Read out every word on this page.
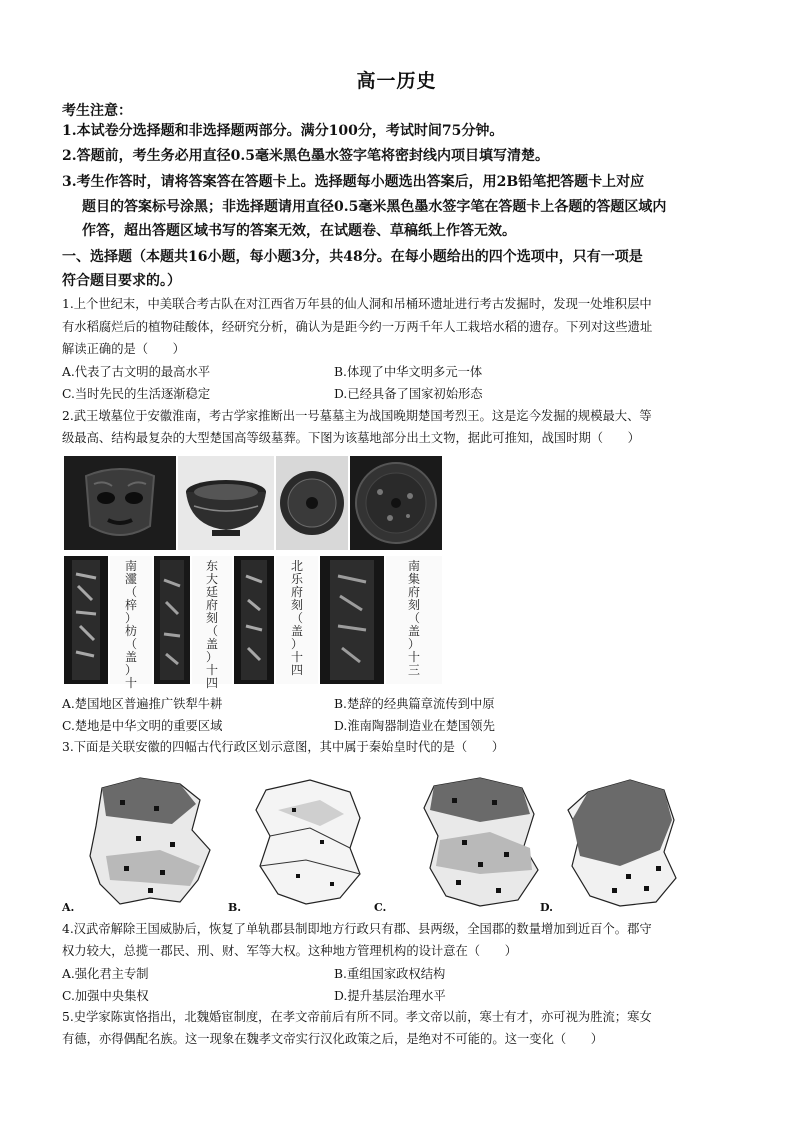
高一历史
考生注意：
1.本试卷分选择题和非选择题两部分。满分100分，考试时间75分钟。
2.答题前，考生务必用直径0.5毫米黑色墨水签字笔将密封线内项目填写清楚。
3.考生作答时，请将答案答在答题卡上。选择题每小题选出答案后，用2B铅笔把答题卡上对应
题目的答案标号涂黑；非选择题请用直径0.5毫米黑色墨水签字笔在答题卡上各题的答题区域内
作答，超出答题区域书写的答案无效，在试题卷、草稿纸上作答无效。
一、选择题（本题共16小题，每小题3分，共48分。在每小题给出的四个选项中，只有一项是
符合题目要求的。）
1.上个世纪末，中美联合考古队在对江西省万年县的仙人洞和吊桶环遗址进行考古发掘时，发现一处堆积层中
有水稻腐烂后的植物硅酸体，经研究分析，确认为是距今约一万两千年人工栽培水稻的遗存。下列对这些遗址
解读正确的是（　　）
A.代表了古文明的最高水平	B.体现了中华文明多元一体
C.当时先民的生活逐渐稳定	D.已经具备了国家初始形态
2.武王墩墓位于安徽淮南，考古学家推断出一号墓墓主为战国晚期楚国考烈王。这是迄今发掘的规模最大、等
级最高、结构最复杂的大型楚国高等级墓葬。下图为该墓地部分出土文物，据此可推知，战国时期（　　）
南
𤅷
（
梓
）
枋
（
盖
）
十
东
大
廷
府
刻
（
盖
）
十
四
北
乐
府
刻
（
盖
）
十
四
南
集
府
刻
（
盖
）
十
三
A.楚国地区普遍推广铁犁牛耕	B.楚辞的经典篇章流传到中原
C.楚地是中华文明的重要区域	D.淮南陶器制造业在楚国领先
3.下面是关联安徽的四幅古代行政区划示意图，其中属于秦始皇时代的是（　　）
A.	B.	C.	D.
4.汉武帝解除王国威胁后，恢复了单轨郡县制即地方行政只有郡、县两级，全国郡的数量增加到近百个。郡守
权力较大，总揽一郡民、刑、财、军等大权。这种地方管理机构的设计意在（　　）
A.强化君主专制	B.重组国家政权结构
C.加强中央集权	D.提升基层治理水平
5.史学家陈寅恪指出，北魏婚宦制度，在孝文帝前后有所不同。孝文帝以前，寒士有才，亦可视为胜流；寒女
有德，亦得偶配名族。这一现象在魏孝文帝实行汉化政策之后，是绝对不可能的。这一变化（　　）
